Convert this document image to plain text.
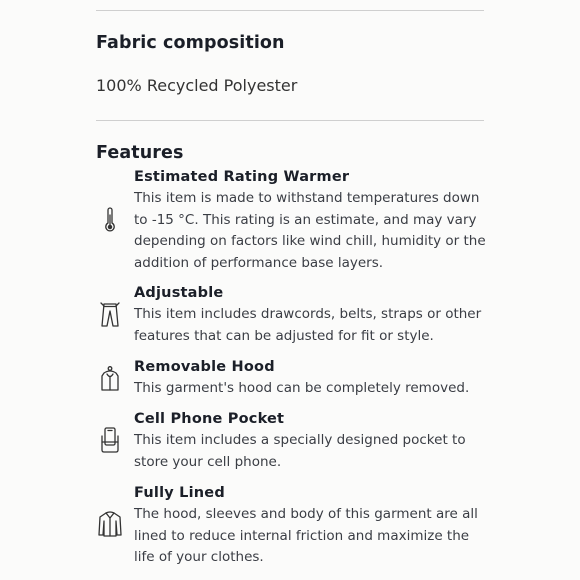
Fabric composition
100% Recycled Polyester
Features
Estimated Rating Warmer
This item is made to withstand temperatures down to -15 °C. This rating is an estimate, and may vary depending on factors like wind chill, humidity or the addition of performance base layers.
Adjustable
This item includes drawcords, belts, straps or other features that can be adjusted for fit or style.
Removable Hood
This garment's hood can be completely removed.
Cell Phone Pocket
This item includes a specially designed pocket to store your cell phone.
Fully Lined
The hood, sleeves and body of this garment are all lined to reduce internal friction and maximize the life of your clothes.
